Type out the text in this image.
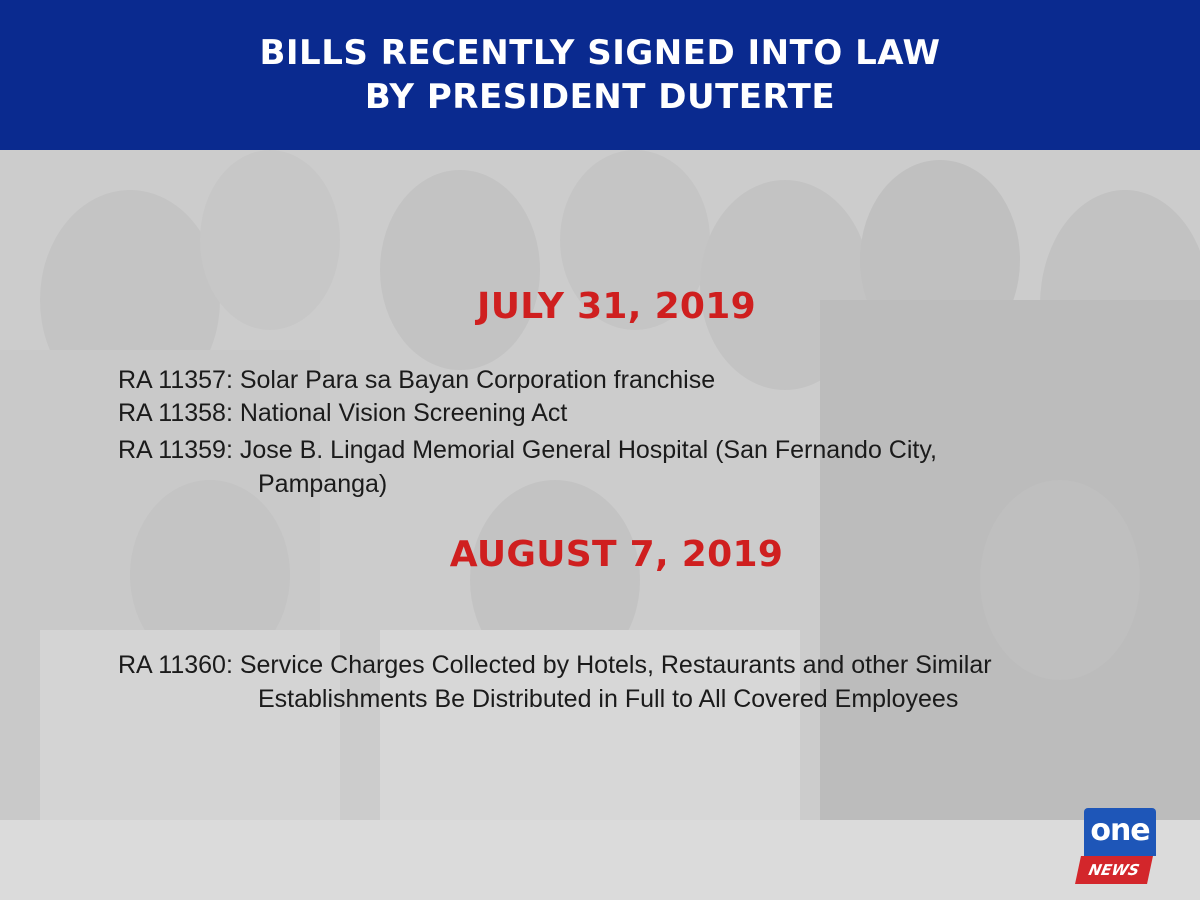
BILLS RECENTLY SIGNED INTO LAW
BY PRESIDENT DUTERTE
JULY 31, 2019
RA 11357: Solar Para sa Bayan Corporation franchise
RA 11358: National Vision Screening Act
RA 11359: Jose B. Lingad Memorial General Hospital (San Fernando City,
Pampanga)
AUGUST 7, 2019
RA 11360: Service Charges Collected by Hotels, Restaurants and other Similar
Establishments Be Distributed in Full to All Covered Employees
one
NEWS
